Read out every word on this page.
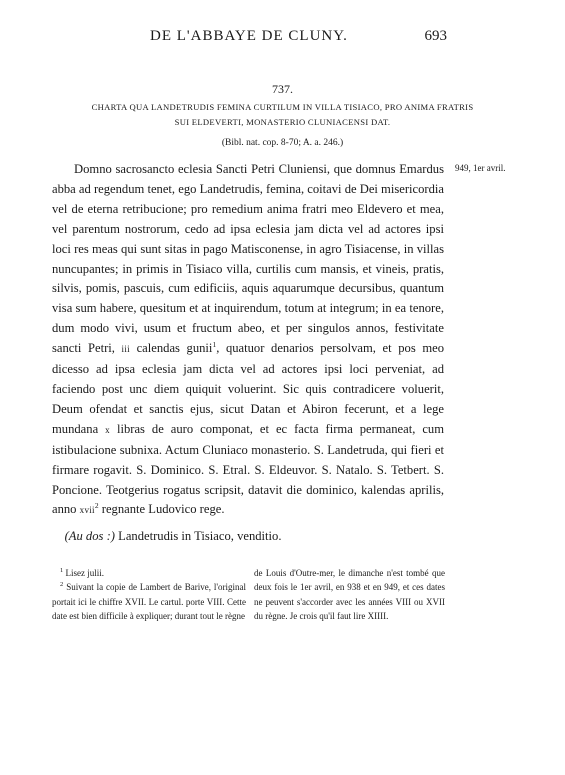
DE L'ABBAYE DE CLUNY.	693
737.
CHARTA QUA LANDETRUDIS FEMINA CURTILUM IN VILLA TISIACO, PRO ANIMA FRATRIS
SUI ELDEVERTI, MONASTERIO CLUNIACENSI DAT.
(Bibl. nat. cop. 8-70; A. a. 246.)
949, 1er avril.

Domno sacrosancto eclesia Sancti Petri Cluniensi, que domnus Emardus abba ad regendum tenet, ego Landetrudis, femina, coitavi de Dei misericordia vel de eterna retribucione; pro remedium anima fratri meo Eldevero et mea, vel parentum nostrorum, cedo ad ipsa eclesia jam dicta vel ad actores ipsi loci res meas qui sunt sitas in pago Matisconense, in agro Tisiacense, in villas nuncupantes; in primis in Tisiaco villa, curtilis cum mansis, et vineis, pratis, silvis, pomis, pascuis, cum edificiis, aquis aquarumque decursibus, quantum visa sum habere, quesitum et at inquirendum, totum at integrum; in ea tenore, dum modo vivi, usum et fructum abeo, et per singulos annos, festivitate sancti Petri, iii calendas gunii$^1$, quatuor denarios persolvam, et pos meo dicesso ad ipsa eclesia jam dicta vel ad actores ipsi loci perveniat, ad faciendo post unc diem quiquit voluerint. Sic quis contradicere voluerit, Deum ofendat et sanctis ejus, sicut Datan et Abiron fecerunt, et a lege mundana x libras de auro componat, et ec facta firma permaneat, cum istibulacione subnixa. Actum Cluniaco monasterio. S. Landetruda, qui fieri et firmare rogavit. S. Dominico. S. Etral. S. Eldeuvor. S. Natalo. S. Tetbert. S. Poncione. Teotgerius rogatus scripsit, datavit die dominico, kalendas aprilis, anno xvii$^2$ regnante Ludovico rege.

(Au dos :) Landetrudis in Tisiaco, venditio.

$^1$ Lisez julii.

$^2$ Suivant la copie de Lambert de Barive, l'original portait ici le chiffre XVII. Le cartul. porte VIII. Cette date est bien difficile à expliquer; durant tout le règne

de Louis d'Outre-mer, le dimanche n'est tombé que deux fois le 1er avril, en 938 et en 949, et ces dates ne peuvent s'accorder avec les années VIII ou XVII du règne. Je crois qu'il faut lire XIIII.
